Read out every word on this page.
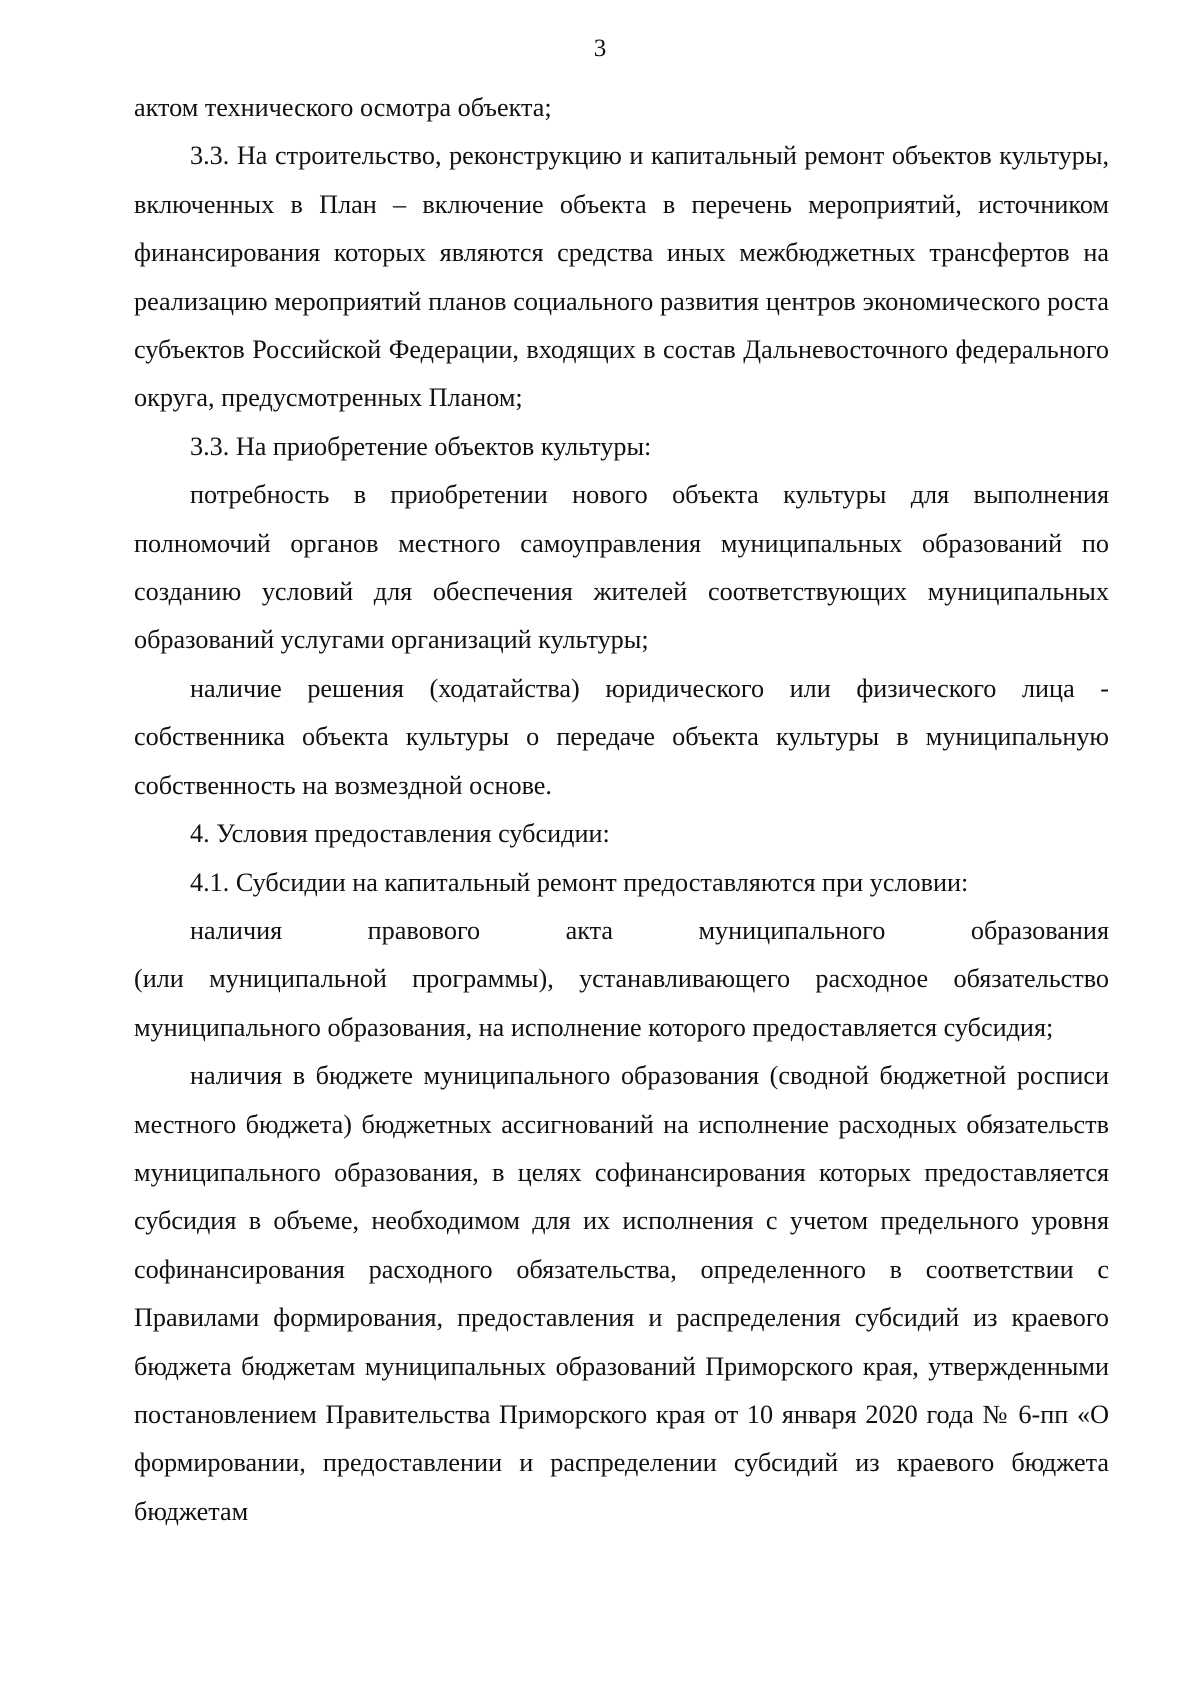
3

актом технического осмотра объекта;

3.3. На строительство, реконструкцию и капитальный ремонт объектов культуры, включенных в План – включение объекта в перечень мероприятий, источником финансирования которых являются средства иных межбюджетных трансфертов на реализацию мероприятий планов социального развития центров экономического роста субъектов Российской Федерации, входящих в состав Дальневосточного федерального округа, предусмотренных Планом;

3.3. На приобретение объектов культуры:

потребность в приобретении нового объекта культуры для выполнения полномочий органов местного самоуправления муниципальных образований по созданию условий для обеспечения жителей соответствующих муниципальных образований услугами организаций культуры;

наличие решения (ходатайства) юридического или физического лица - собственника объекта культуры о передаче объекта культуры в муниципальную собственность на возмездной основе.

4. Условия предоставления субсидии:

4.1. Субсидии на капитальный ремонт предоставляются при условии:

наличия правового акта муниципального образования

(или муниципальной программы), устанавливающего расходное обязательство муниципального образования, на исполнение которого предоставляется субсидия;

наличия в бюджете муниципального образования (сводной бюджетной росписи местного бюджета) бюджетных ассигнований на исполнение расходных обязательств муниципального образования, в целях софинансирования которых предоставляется субсидия в объеме, необходимом для их исполнения с учетом предельного уровня софинансирования расходного обязательства, определенного в соответствии с Правилами формирования, предоставления и распределения субсидий из краевого бюджета бюджетам муниципальных образований Приморского края, утвержденными постановлением Правительства Приморского края от 10 января 2020 года № 6-пп «О формировании, предоставлении и распределении субсидий из краевого бюджета бюджетам
